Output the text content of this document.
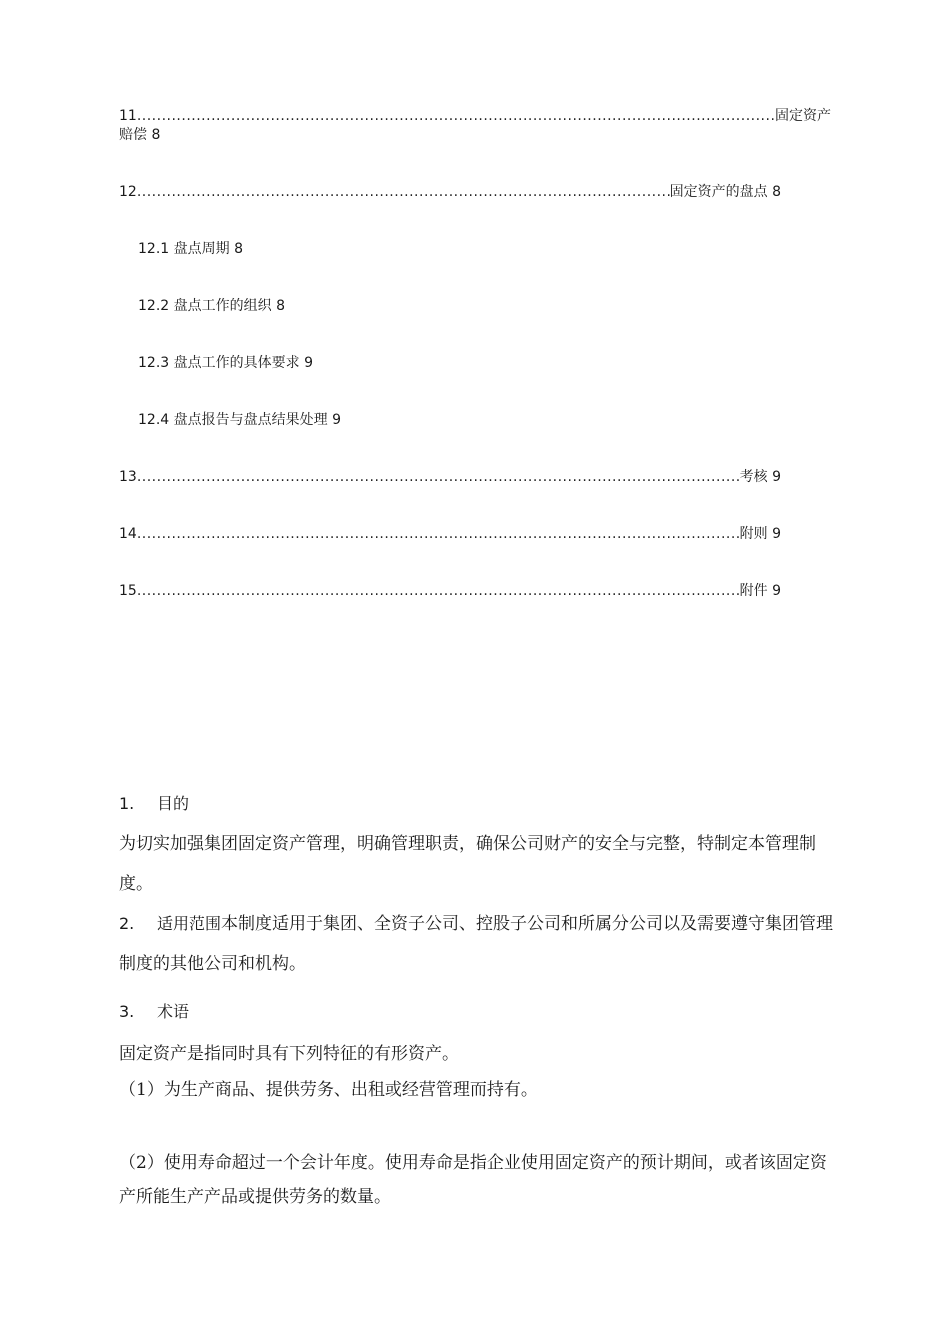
11 .....	固定资产
赔偿 8
12 .....	固定资产的盘点 8
12.1 盘点周期 8
12.2 盘点工作的组织 8
12.3 盘点工作的具体要求 9
12.4 盘点报告与盘点结果处理 9
13 .....	考核 9
14 .....	附则 9
15 .....	附件 9
1. 目的
为切实加强集团固定资产管理，明确管理职责，确保公司财产的安全与完整，特制定本管理制度。
2. 适用范围本制度适用于集团、全资子公司、控股子公司和所属分公司以及需要遵守集团管理制度的其他公司和机构。
3. 术语
固定资产是指同时具有下列特征的有形资产。
（1）为生产商品、提供劳务、出租或经营管理而持有。
（2）使用寿命超过一个会计年度。使用寿命是指企业使用固定资产的预计期间，或者该固定资产所能生产产品或提供劳务的数量。
